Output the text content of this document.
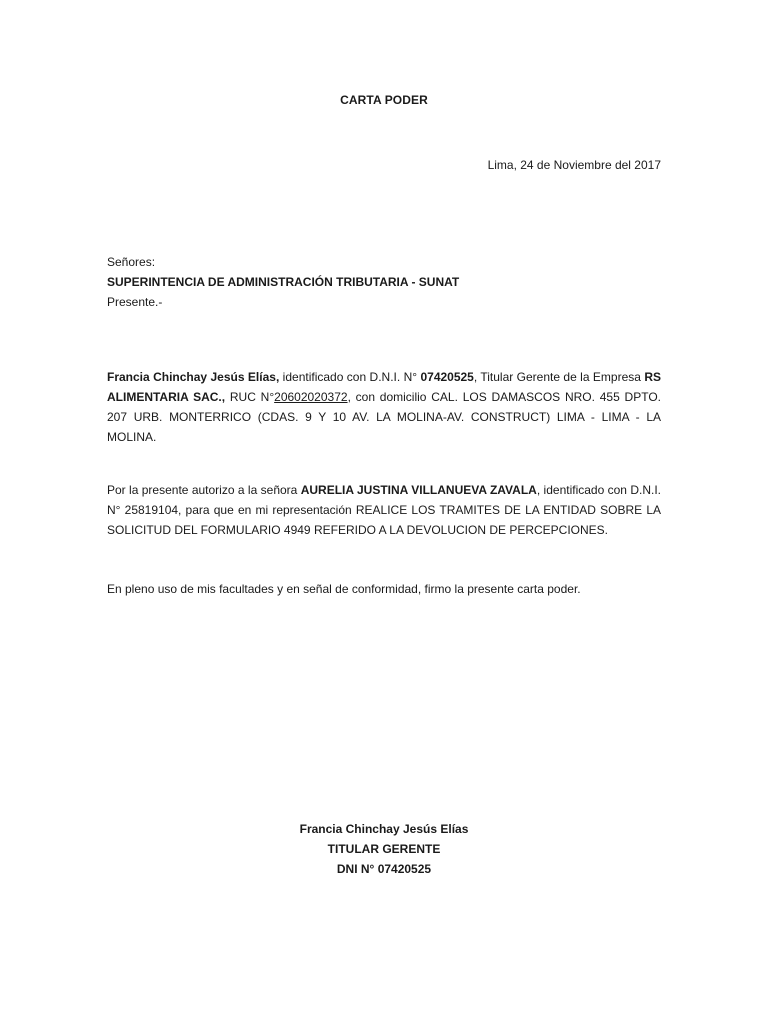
CARTA PODER
Lima, 24 de Noviembre del 2017
Señores:
SUPERINTENCIA DE ADMINISTRACIÓN TRIBUTARIA - SUNAT
Presente.-
Francia Chinchay Jesús Elías, identificado con D.N.I. N° 07420525, Titular Gerente de la Empresa RS ALIMENTARIA SAC., RUC N°20602020372, con domicilio CAL. LOS DAMASCOS NRO. 455 DPTO. 207 URB. MONTERRICO (CDAS. 9 Y 10 AV. LA MOLINA-AV. CONSTRUCT) LIMA - LIMA - LA MOLINA.
Por la presente autorizo a la señora AURELIA JUSTINA VILLANUEVA ZAVALA, identificado con D.N.I. N° 25819104, para que en mi representación REALICE LOS TRAMITES DE LA ENTIDAD SOBRE LA SOLICITUD DEL FORMULARIO 4949 REFERIDO A LA DEVOLUCION DE PERCEPCIONES.
En pleno uso de mis facultades y en señal de conformidad, firmo la presente carta poder.
Francia Chinchay Jesús Elías
TITULAR GERENTE
DNI N° 07420525
